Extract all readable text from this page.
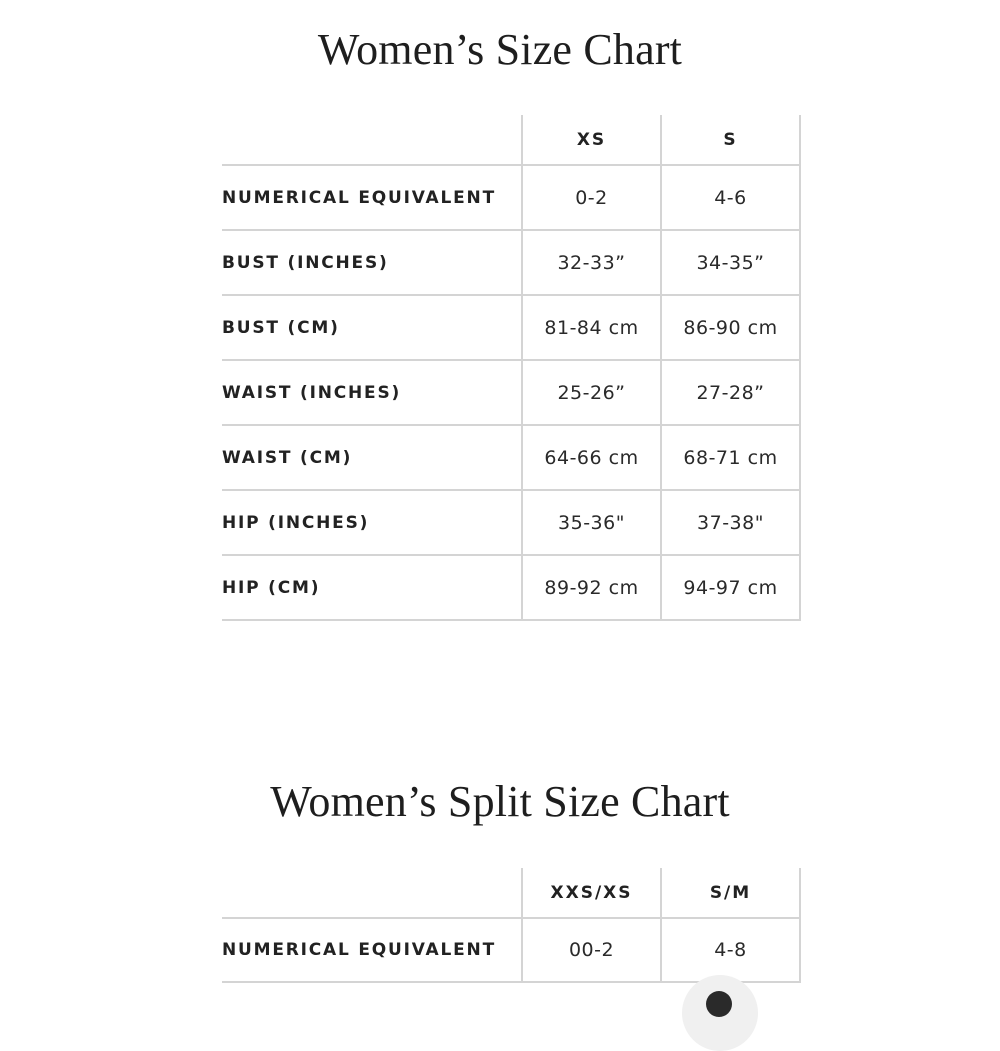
Women’s Size Chart
	XS	S
NUMERICAL EQUIVALENT	0-2	4-6
BUST (INCHES)	32-33”	34-35”
BUST (CM)	81-84 cm	86-90 cm
WAIST (INCHES)	25-26”	27-28”
WAIST (CM)	64-66 cm	68-71 cm
HIP (INCHES)	35-36"	37-38"
HIP (CM)	89-92 cm	94-97 cm
Women’s Split Size Chart
	XXS/XS	S/M
NUMERICAL EQUIVALENT	00-2	4-8
